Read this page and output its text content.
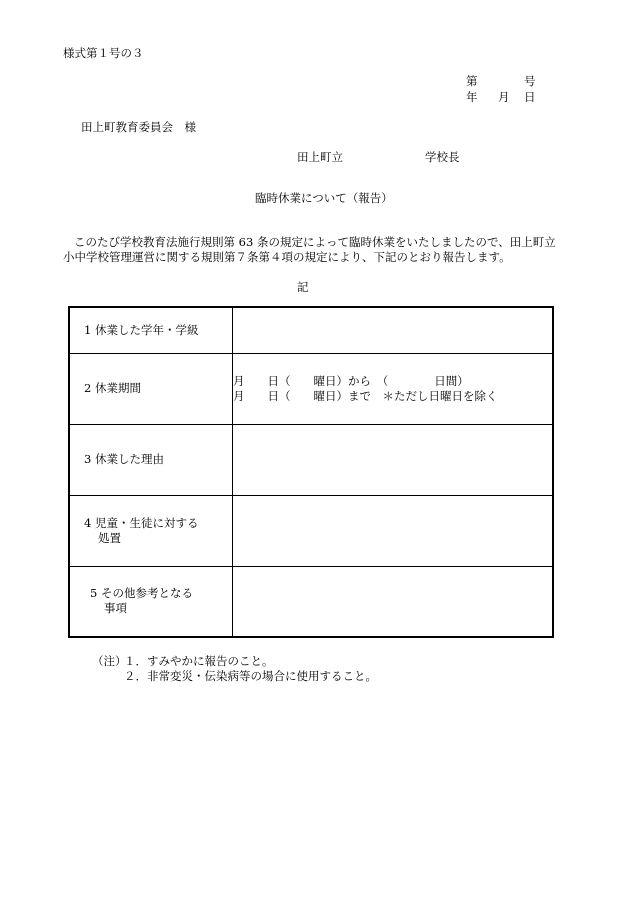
様式第１号の３
第	号
年 月 日
田上町教育委員会　様
田上町立	学校長
臨時休業について（報告）
このたび学校教育法施行規則第 63 条の規定によって臨時休業をいたしましたので、田上町立
小中学校管理運営に関する規則第７条第４項の規定により、下記のとおり報告します。
記
1 休業した学年・学級	
2 休業期間	月　　日（　　曜日）から　（　　　　日間）
月　　日（　　曜日）まで　＊ただし日曜日を除く

3 休業した理由	

4 児童・生徒に対する
処置	

5 その他参考となる
事項	

（注）
１．すみやかに報告のこと。
２．非常変災・伝染病等の場合に使用すること。
